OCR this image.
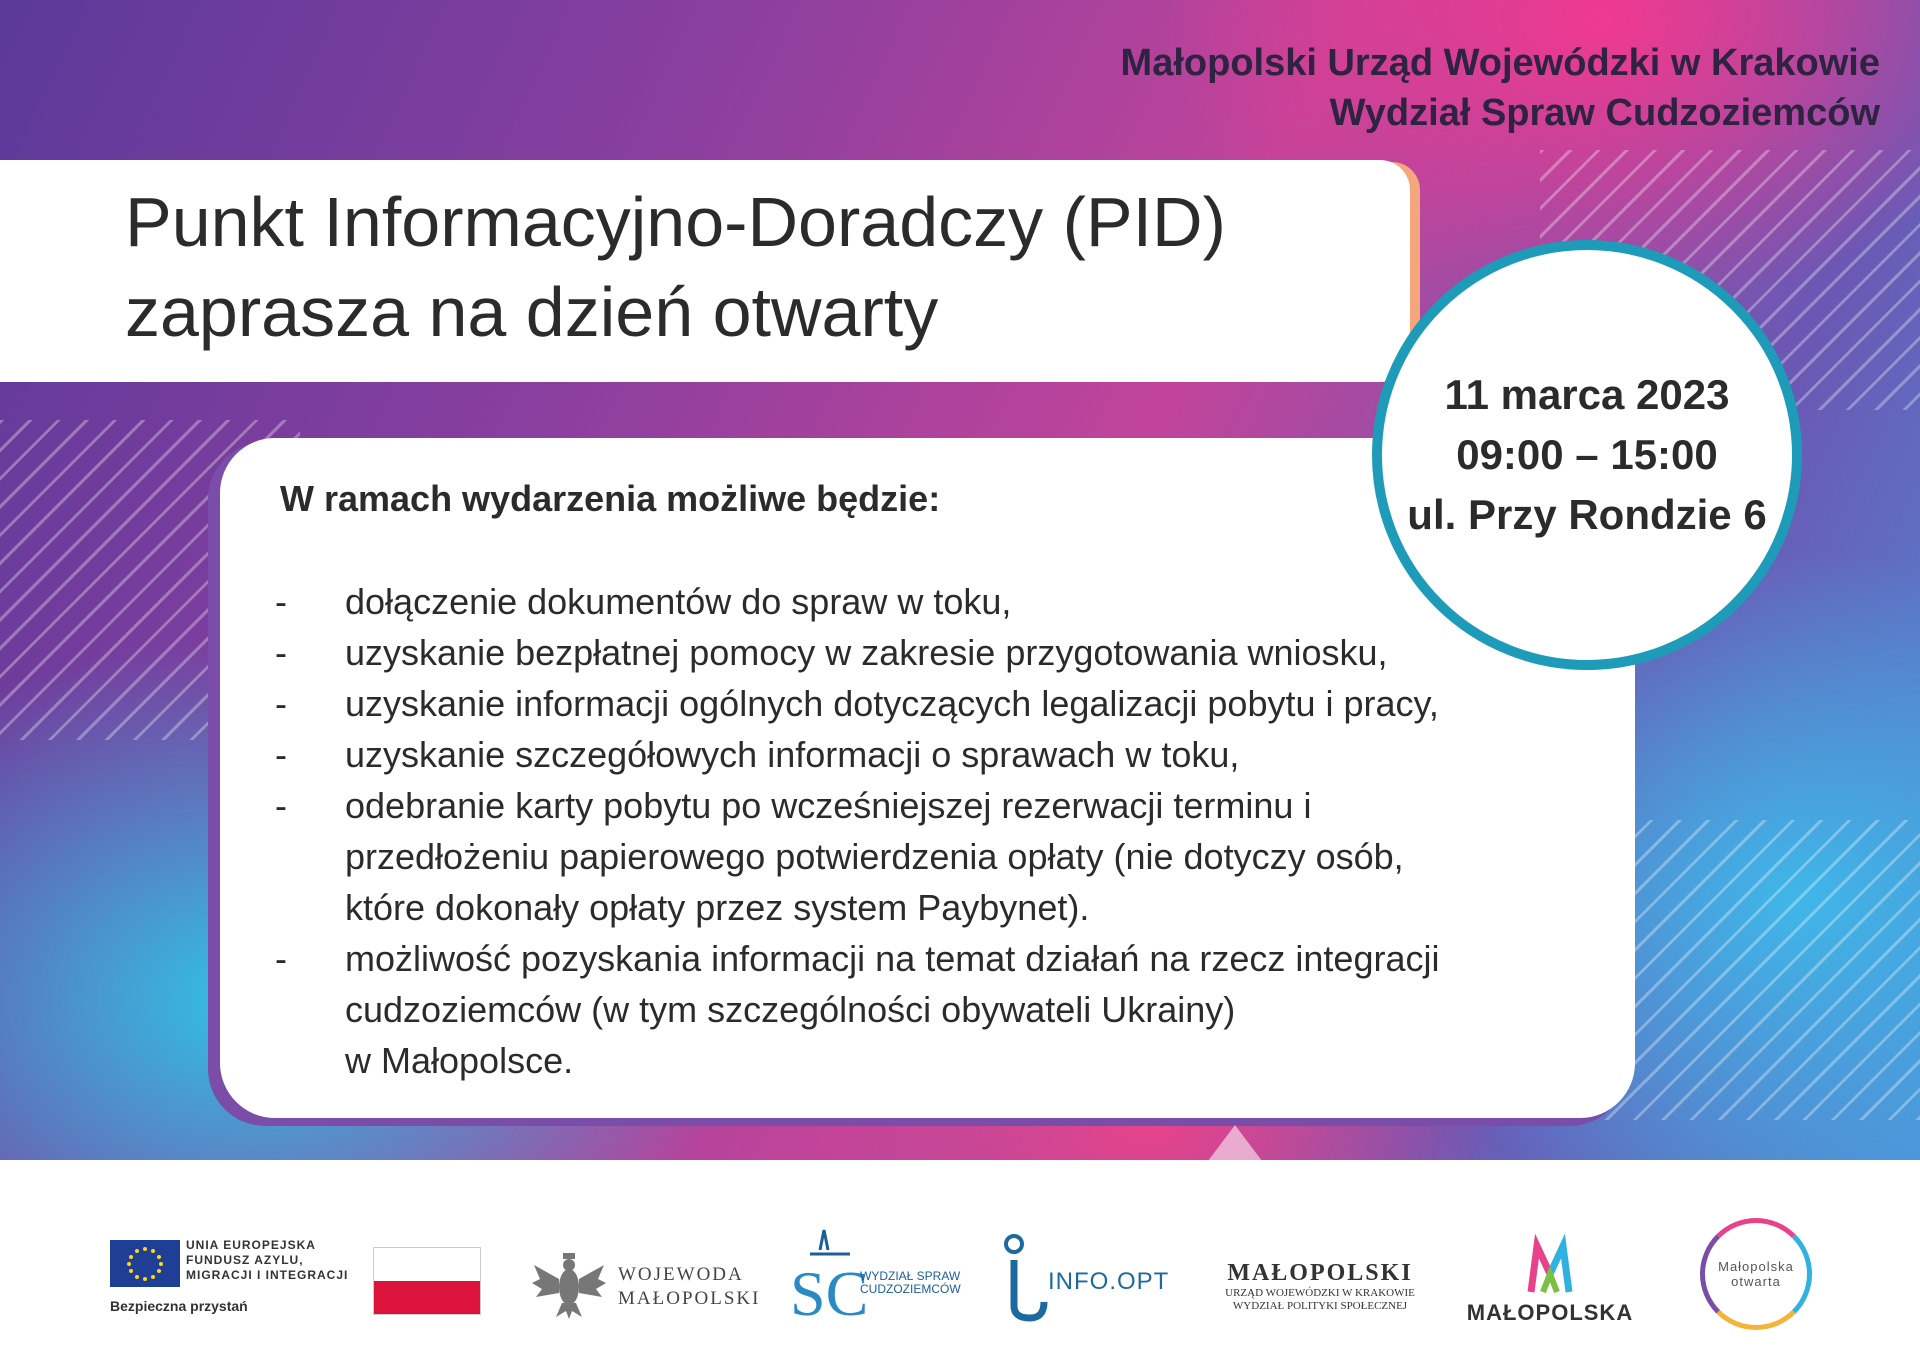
Małopolski Urząd Wojewódzki w Krakowie
Wydział Spraw Cudzoziemców
Punkt Informacyjno-Doradczy (PID)
zaprasza na dzień otwarty
W ramach wydarzenia możliwe będzie:
- dołączenie dokumentów do spraw w toku,
- uzyskanie bezpłatnej pomocy w zakresie przygotowania wniosku,
- uzyskanie informacji ogólnych dotyczących legalizacji pobytu i pracy,
- uzyskanie szczegółowych informacji o sprawach w toku,
- odebranie karty pobytu po wcześniejszej rezerwacji terminu i
przedłożeniu papierowego potwierdzenia opłaty (nie dotyczy osób,
które dokonały opłaty przez system Paybynet).
- możliwość pozyskania informacji na temat działań na rzecz integracji
cudzoziemców (w tym szczególności obywateli Ukrainy)
w Małopolsce.
11 marca 2023
09:00 – 15:00
ul. Przy Rondzie 6
UNIA EUROPEJSKA
FUNDUSZ AZYLU,
MIGRACJI I INTEGRACJI
Bezpieczna przystań
WOJEWODA
MAŁOPOLSKI SC
WYDZIAŁ SPRAW
CUDZOZIEMCÓW	INFO.OPT	MAŁOPOLSKI
URZĄD WOJEWÓDZKI W KRAKOWIE
WYDZIAŁ POLITYKI SPOŁECZNEJ	MAŁOPOLSKA
Małopolska
otwarta
